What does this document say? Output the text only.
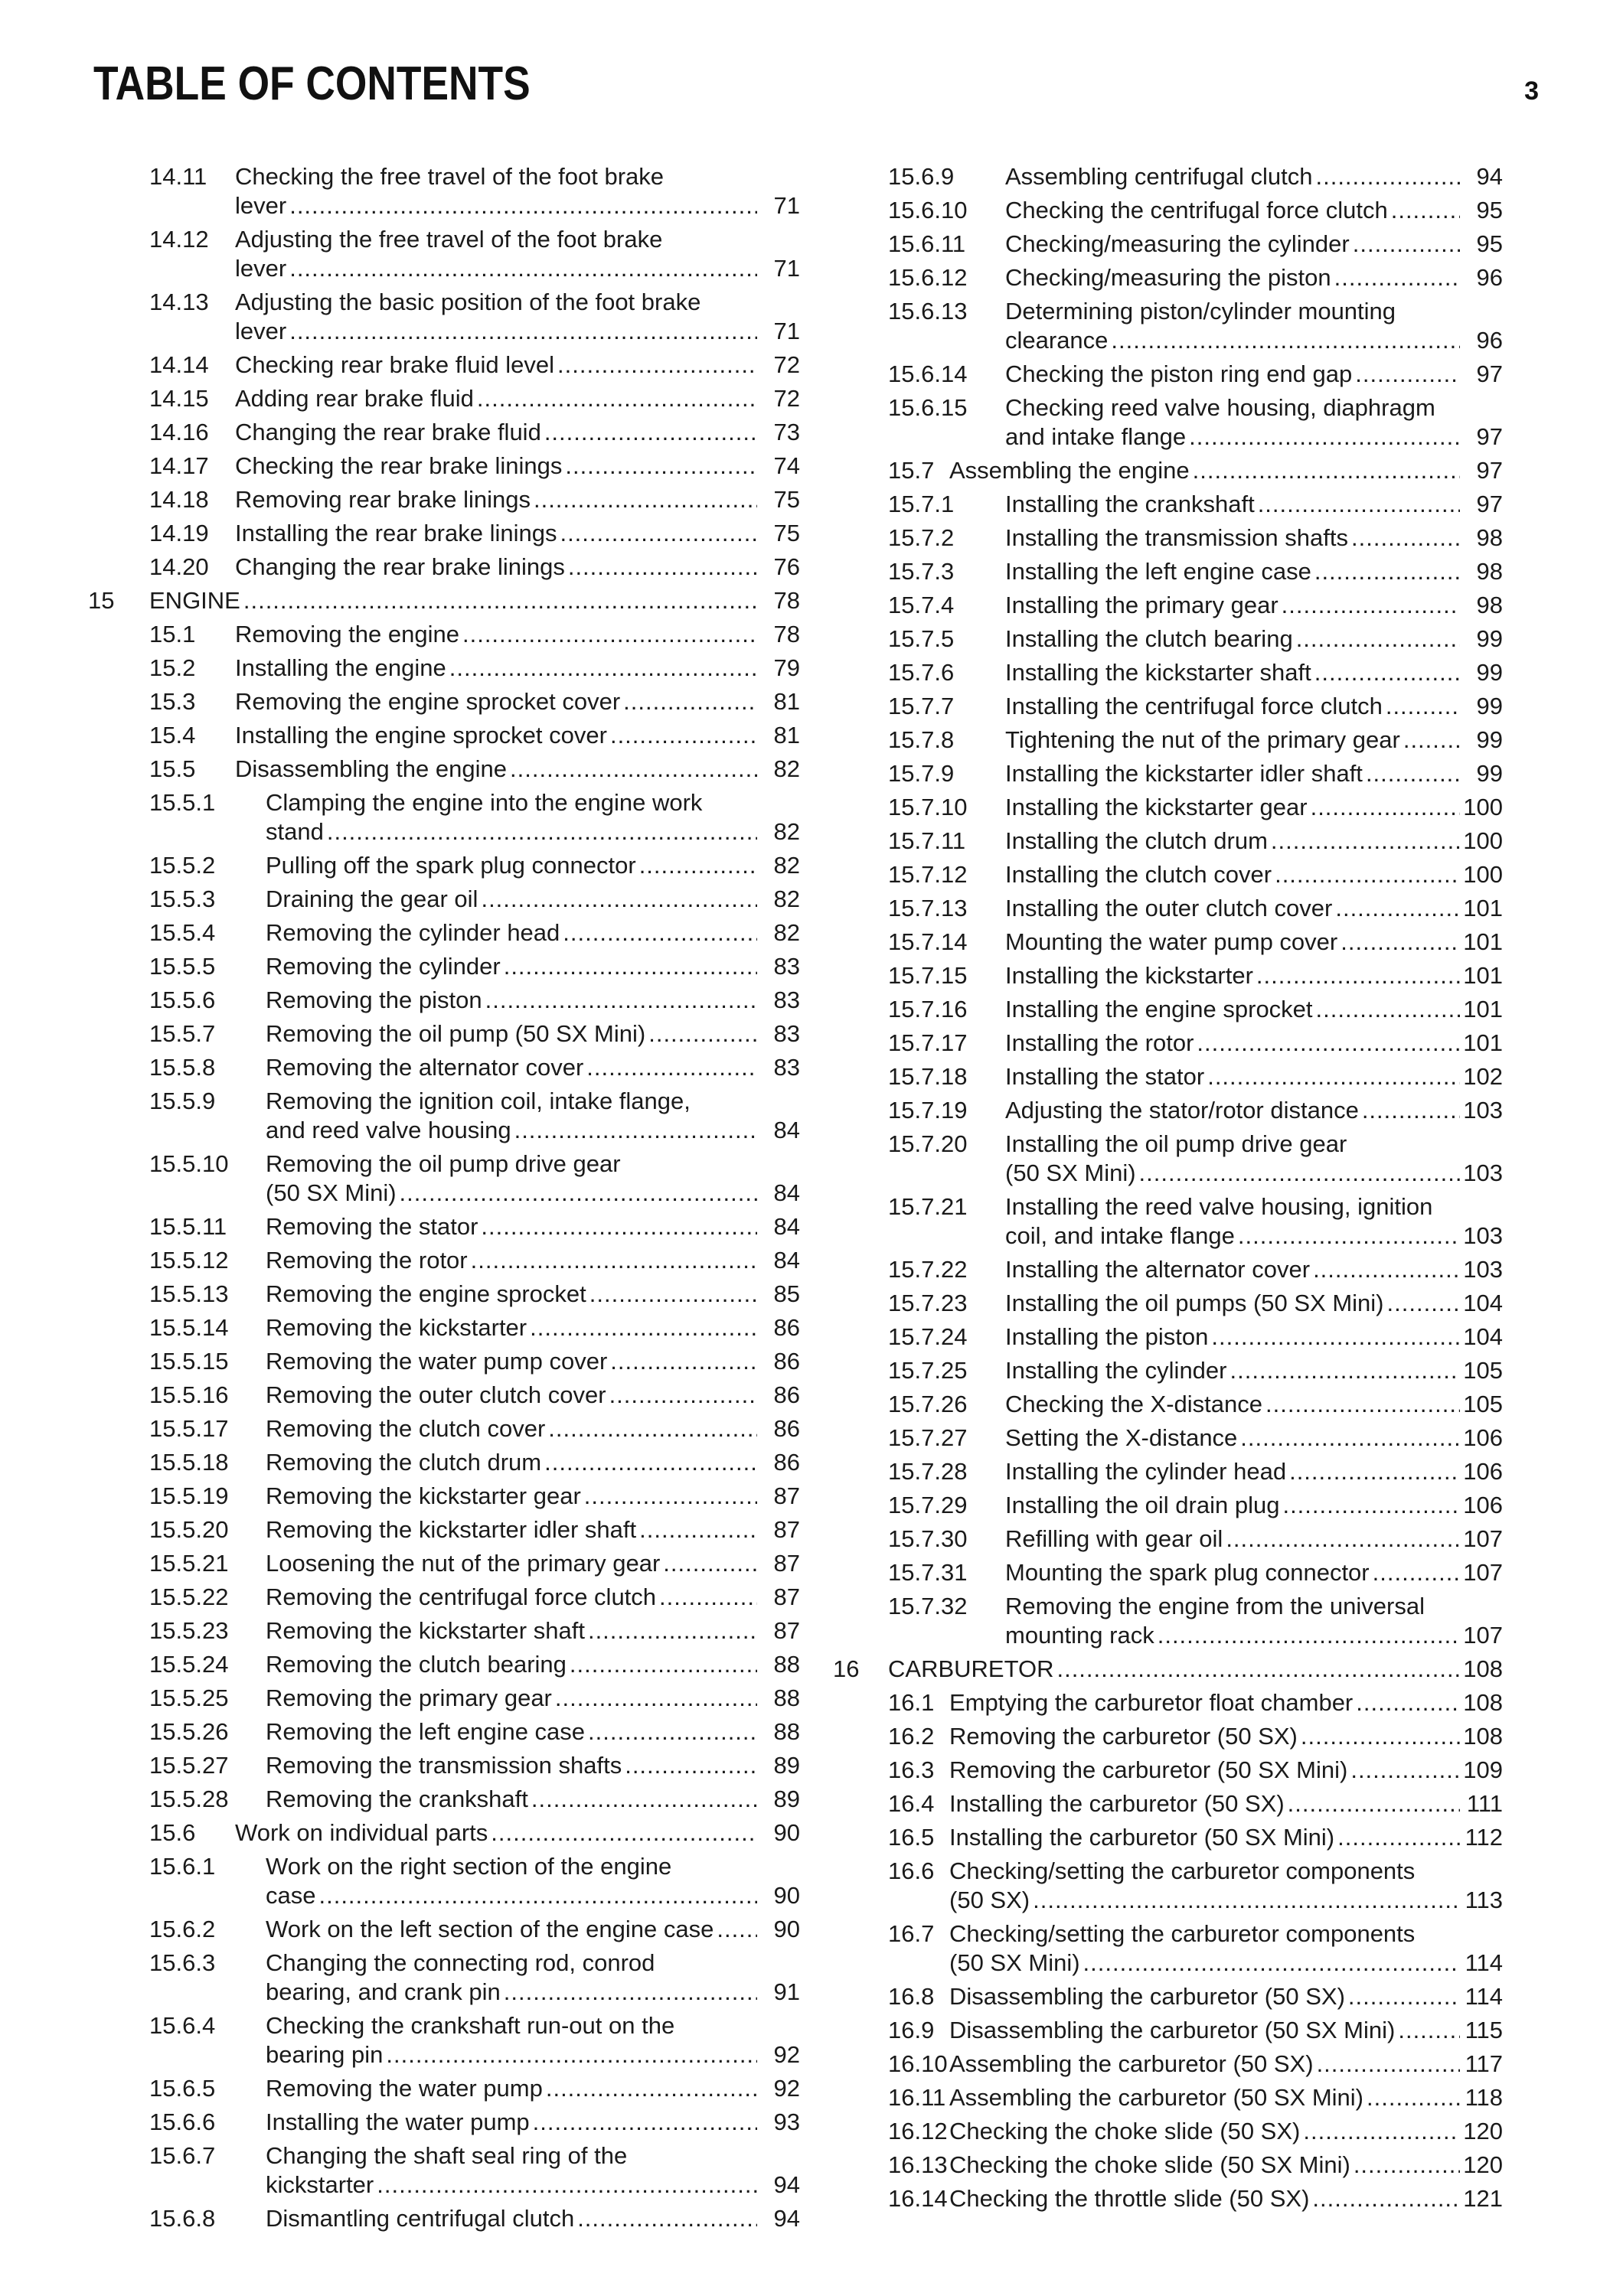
TABLE OF CONTENTS	3
14.11 Checking the free travel of the foot brake
lever .....	71
14.12 Adjusting the free travel of the foot brake
lever .....	71
14.13 Adjusting the basic position of the foot brake
lever .....	71
14.14 Checking rear brake fluid level .....	72
14.15 Adding rear brake fluid .....	72
14.16 Changing the rear brake fluid .....	73
14.17 Checking the rear brake linings .....	74
14.18 Removing rear brake linings .....	75
14.19 Installing the rear brake linings .....	75
14.20 Changing the rear brake linings .....	76
15 ENGINE .....	78
15.1 Removing the engine .....	78
15.2 Installing the engine .....	79
15.3 Removing the engine sprocket cover .....	81
15.4 Installing the engine sprocket cover .....	81
15.5 Disassembling the engine .....	82
15.5.1 Clamping the engine into the engine work
stand .....	82
15.5.2 Pulling off the spark plug connector .....	82
15.5.3 Draining the gear oil .....	82
15.5.4 Removing the cylinder head .....	82
15.5.5 Removing the cylinder .....	83
15.5.6 Removing the piston .....	83
15.5.7 Removing the oil pump (50 SX Mini) .....	83
15.5.8 Removing the alternator cover .....	83
15.5.9 Removing the ignition coil, intake flange,
and reed valve housing .....	84
15.5.10 Removing the oil pump drive gear
(50 SX Mini) .....	84
15.5.11 Removing the stator .....	84
15.5.12 Removing the rotor .....	84
15.5.13 Removing the engine sprocket .....	85
15.5.14 Removing the kickstarter .....	86
15.5.15 Removing the water pump cover .....	86
15.5.16 Removing the outer clutch cover .....	86
15.5.17 Removing the clutch cover .....	86
15.5.18 Removing the clutch drum .....	86
15.5.19 Removing the kickstarter gear .....	87
15.5.20 Removing the kickstarter idler shaft .....	87
15.5.21 Loosening the nut of the primary gear .....	87
15.5.22 Removing the centrifugal force clutch .....	87
15.5.23 Removing the kickstarter shaft .....	87
15.5.24 Removing the clutch bearing .....	88
15.5.25 Removing the primary gear .....	88
15.5.26 Removing the left engine case .....	88
15.5.27 Removing the transmission shafts .....	89
15.5.28 Removing the crankshaft .....	89
15.6 Work on individual parts .....	90
15.6.1 Work on the right section of the engine
case .....	90
15.6.2 Work on the left section of the engine case .....	90
15.6.3 Changing the connecting rod, conrod
bearing, and crank pin .....	91
15.6.4 Checking the crankshaft run-out on the
bearing pin .....	92
15.6.5 Removing the water pump .....	92
15.6.6 Installing the water pump .....	93
15.6.7 Changing the shaft seal ring of the
kickstarter .....	94
15.6.8 Dismantling centrifugal clutch .....	94
15.6.9 Assembling centrifugal clutch .....	94
15.6.10 Checking the centrifugal force clutch .....	95
15.6.11 Checking/measuring the cylinder .....	95
15.6.12 Checking/measuring the piston .....	96
15.6.13 Determining piston/cylinder mounting
clearance .....	96
15.6.14 Checking the piston ring end gap .....	97
15.6.15 Checking reed valve housing, diaphragm
and intake flange .....	97
15.7 Assembling the engine .....	97
15.7.1 Installing the crankshaft .....	97
15.7.2 Installing the transmission shafts .....	98
15.7.3 Installing the left engine case .....	98
15.7.4 Installing the primary gear .....	98
15.7.5 Installing the clutch bearing .....	99
15.7.6 Installing the kickstarter shaft .....	99
15.7.7 Installing the centrifugal force clutch .....	99
15.7.8 Tightening the nut of the primary gear .....	99
15.7.9 Installing the kickstarter idler shaft .....	99
15.7.10 Installing the kickstarter gear .....	100
15.7.11 Installing the clutch drum .....	100
15.7.12 Installing the clutch cover .....	100
15.7.13 Installing the outer clutch cover .....	101
15.7.14 Mounting the water pump cover .....	101
15.7.15 Installing the kickstarter .....	101
15.7.16 Installing the engine sprocket .....	101
15.7.17 Installing the rotor .....	101
15.7.18 Installing the stator .....	102
15.7.19 Adjusting the stator/rotor distance .....	103
15.7.20 Installing the oil pump drive gear
(50 SX Mini) .....	103
15.7.21 Installing the reed valve housing, ignition
coil, and intake flange .....	103
15.7.22 Installing the alternator cover .....	103
15.7.23 Installing the oil pumps (50 SX Mini) .....	104
15.7.24 Installing the piston .....	104
15.7.25 Installing the cylinder .....	105
15.7.26 Checking the X-distance .....	105
15.7.27 Setting the X-distance .....	106
15.7.28 Installing the cylinder head .....	106
15.7.29 Installing the oil drain plug .....	106
15.7.30 Refilling with gear oil .....	107
15.7.31 Mounting the spark plug connector .....	107
15.7.32 Removing the engine from the universal
mounting rack .....	107
16 CARBURETOR .....	108
16.1 Emptying the carburetor float chamber .....	108
16.2 Removing the carburetor (50 SX) .....	108
16.3 Removing the carburetor (50 SX Mini) .....	109
16.4 Installing the carburetor (50 SX) .....	111
16.5 Installing the carburetor (50 SX Mini) .....	112
16.6 Checking/setting the carburetor components
(50 SX) .....	113
16.7 Checking/setting the carburetor components
(50 SX Mini) .....	114
16.8 Disassembling the carburetor (50 SX) .....	114
16.9 Disassembling the carburetor (50 SX Mini) .....	115
16.10 Assembling the carburetor (50 SX) .....	117
16.11 Assembling the carburetor (50 SX Mini) .....	118
16.12 Checking the choke slide (50 SX) .....	120
16.13 Checking the choke slide (50 SX Mini) .....	120
16.14 Checking the throttle slide (50 SX) .....	121
